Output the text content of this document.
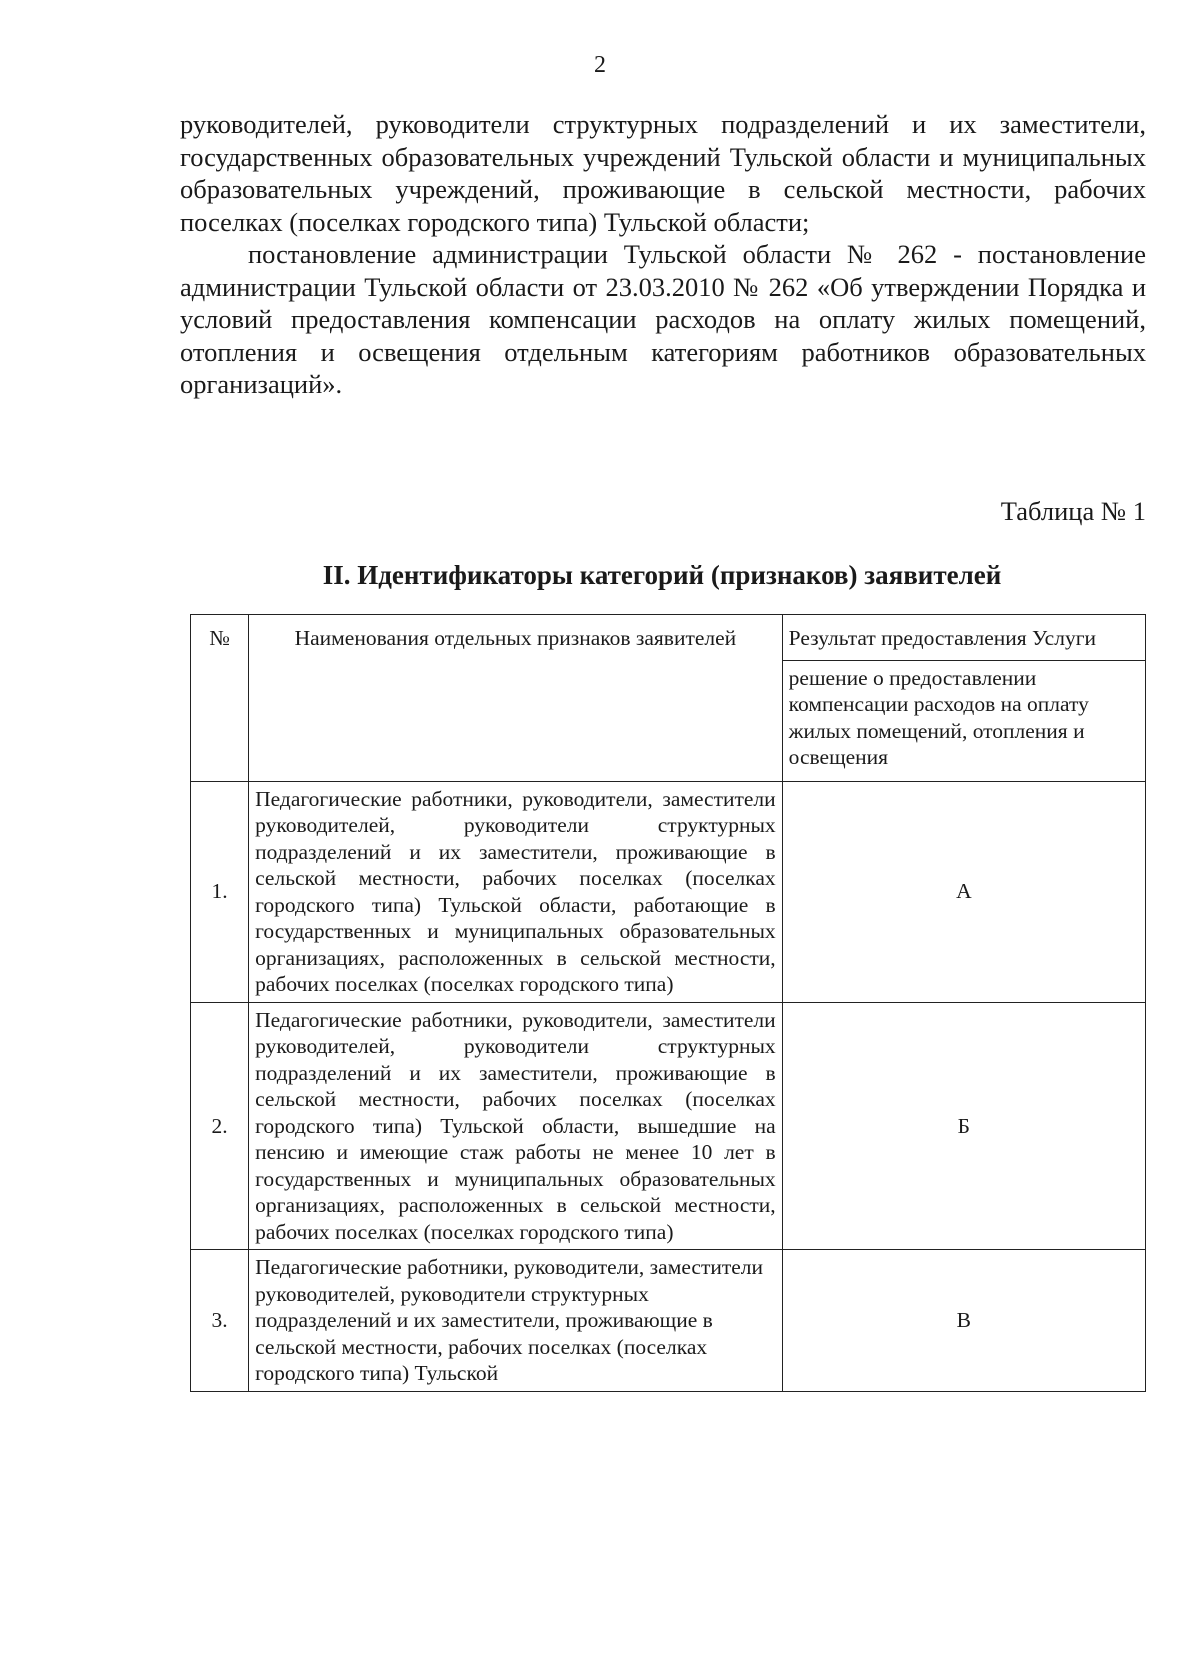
2

руководителей, руководители структурных подразделений и их заместители, государственных образовательных учреждений Тульской области и муниципальных образовательных учреждений, проживающие в сельской местности, рабочих поселках (поселках городского типа) Тульской области;

постановление администрации Тульской области № 262 - постановление администрации Тульской области от 23.03.2010 № 262 «Об утверждении Порядка и условий предоставления компенсации расходов на оплату жилых помещений, отопления и освещения отдельным категориям работников образовательных организаций».

Таблица № 1
II. Идентификаторы категорий (признаков) заявителей
№	Наименования отдельных признаков заявителей	Результат предоставления Услуги
		решение о предоставлении компенсации расходов на оплату жилых помещений, отопления и освещения
1.	Педагогические работники, руководители, заместители руководителей, руководители структурных подразделений и их заместители, проживающие в сельской местности, рабочих поселках (поселках городского типа) Тульской области, работающие в государственных и муниципальных образовательных организациях, расположенных в сельской местности, рабочих поселках (поселках городского типа)	А
2.	Педагогические работники, руководители, заместители руководителей, руководители структурных подразделений и их заместители, проживающие в сельской местности, рабочих поселках (поселках городского типа) Тульской области, вышедшие на пенсию и имеющие стаж работы не менее 10 лет в государственных и муниципальных образовательных организациях, расположенных в сельской местности, рабочих поселках (поселках городского типа)	Б
3.	Педагогические работники, руководители, заместители руководителей, руководители структурных подразделений и их заместители, проживающие в сельской местности, рабочих поселках (поселках городского типа) Тульской	В
